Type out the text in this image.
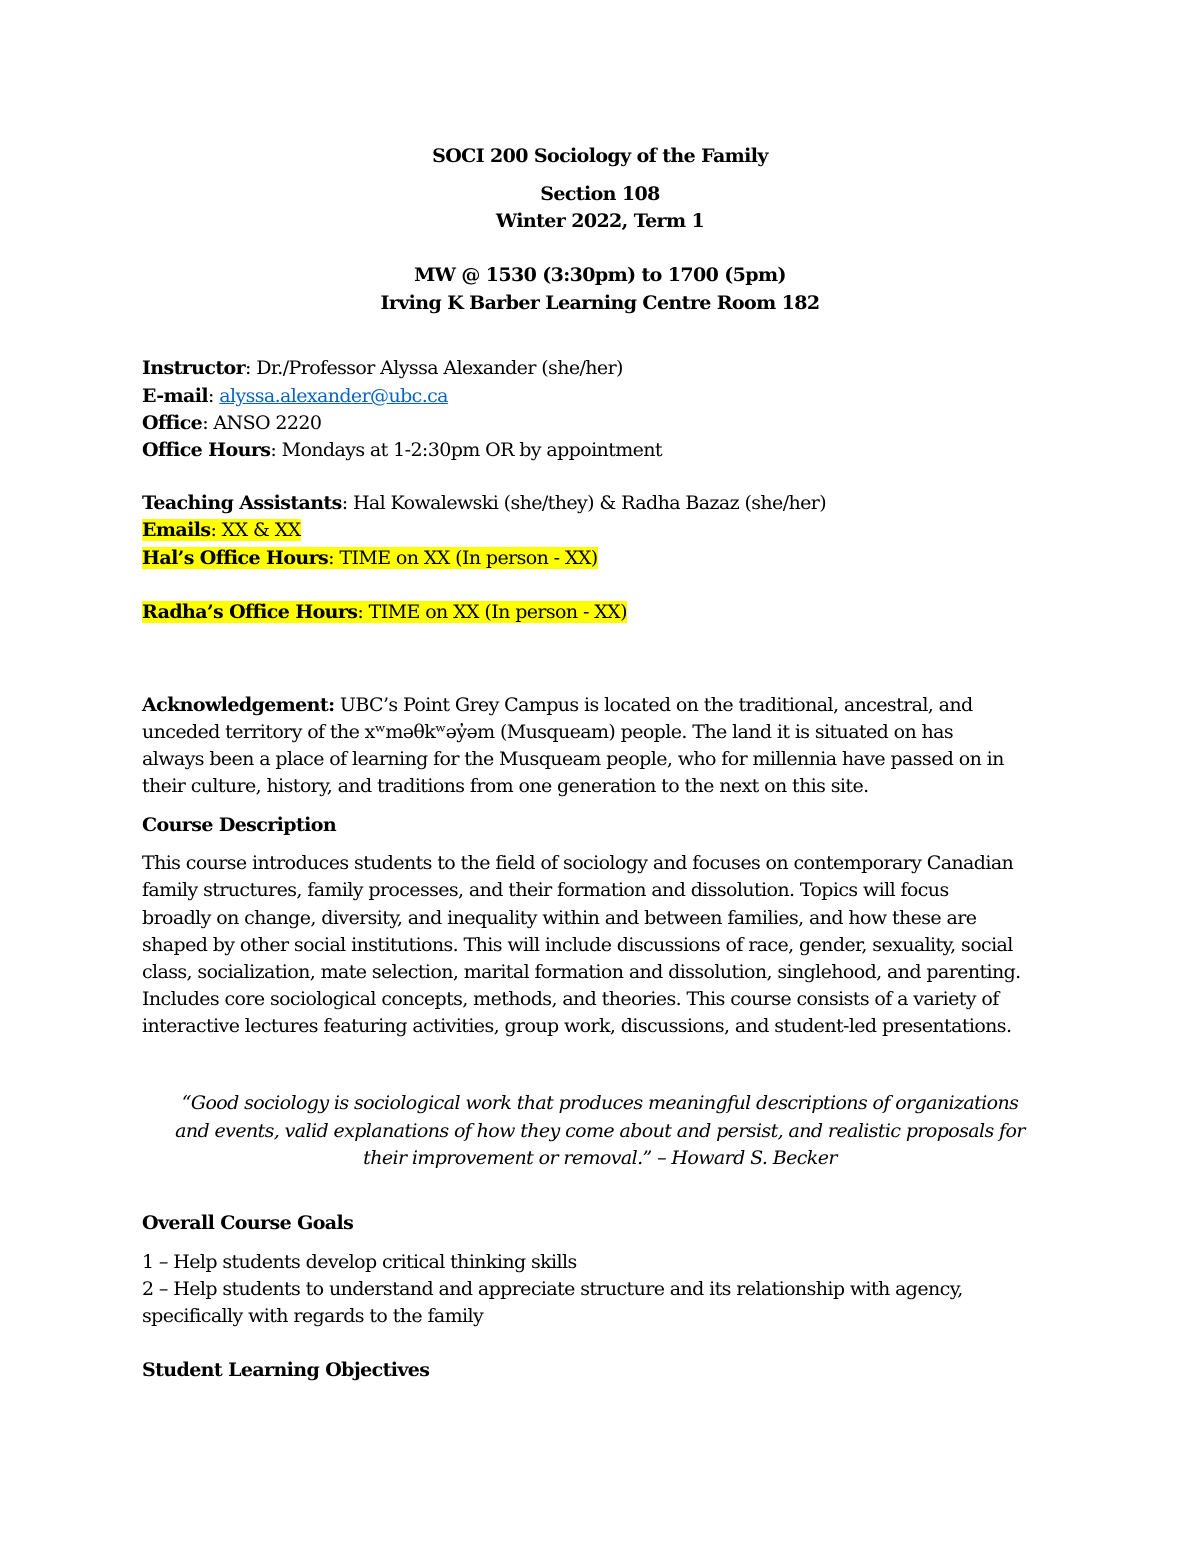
SOCI 200 Sociology of the Family
Section 108
Winter 2022, Term 1
MW @ 1530 (3:30pm) to 1700 (5pm)
Irving K Barber Learning Centre Room 182
Instructor: Dr./Professor Alyssa Alexander (she/her)
E-mail: alyssa.alexander@ubc.ca
Office: ANSO 2220
Office Hours: Mondays at 1-2:30pm OR by appointment
Teaching Assistants: Hal Kowalewski (she/they) & Radha Bazaz (she/her)
Emails: XX & XX
Hal’s Office Hours: TIME on XX (In person - XX)
Radha’s Office Hours: TIME on XX (In person - XX)
Acknowledgement: UBC’s Point Grey Campus is located on the traditional, ancestral, and
unceded territory of the xʷməθkʷəy̓əm (Musqueam) people. The land it is situated on has
always been a place of learning for the Musqueam people, who for millennia have passed on in
their culture, history, and traditions from one generation to the next on this site.
Course Description
This course introduces students to the field of sociology and focuses on contemporary Canadian
family structures, family processes, and their formation and dissolution. Topics will focus
broadly on change, diversity, and inequality within and between families, and how these are
shaped by other social institutions. This will include discussions of race, gender, sexuality, social
class, socialization, mate selection, marital formation and dissolution, singlehood, and parenting.
Includes core sociological concepts, methods, and theories. This course consists of a variety of
interactive lectures featuring activities, group work, discussions, and student-led presentations.
“Good sociology is sociological work that produces meaningful descriptions of organizations
and events, valid explanations of how they come about and persist, and realistic proposals for
their improvement or removal.” – Howard S. Becker
Overall Course Goals
1 – Help students develop critical thinking skills
2 – Help students to understand and appreciate structure and its relationship with agency,
specifically with regards to the family
Student Learning Objectives
